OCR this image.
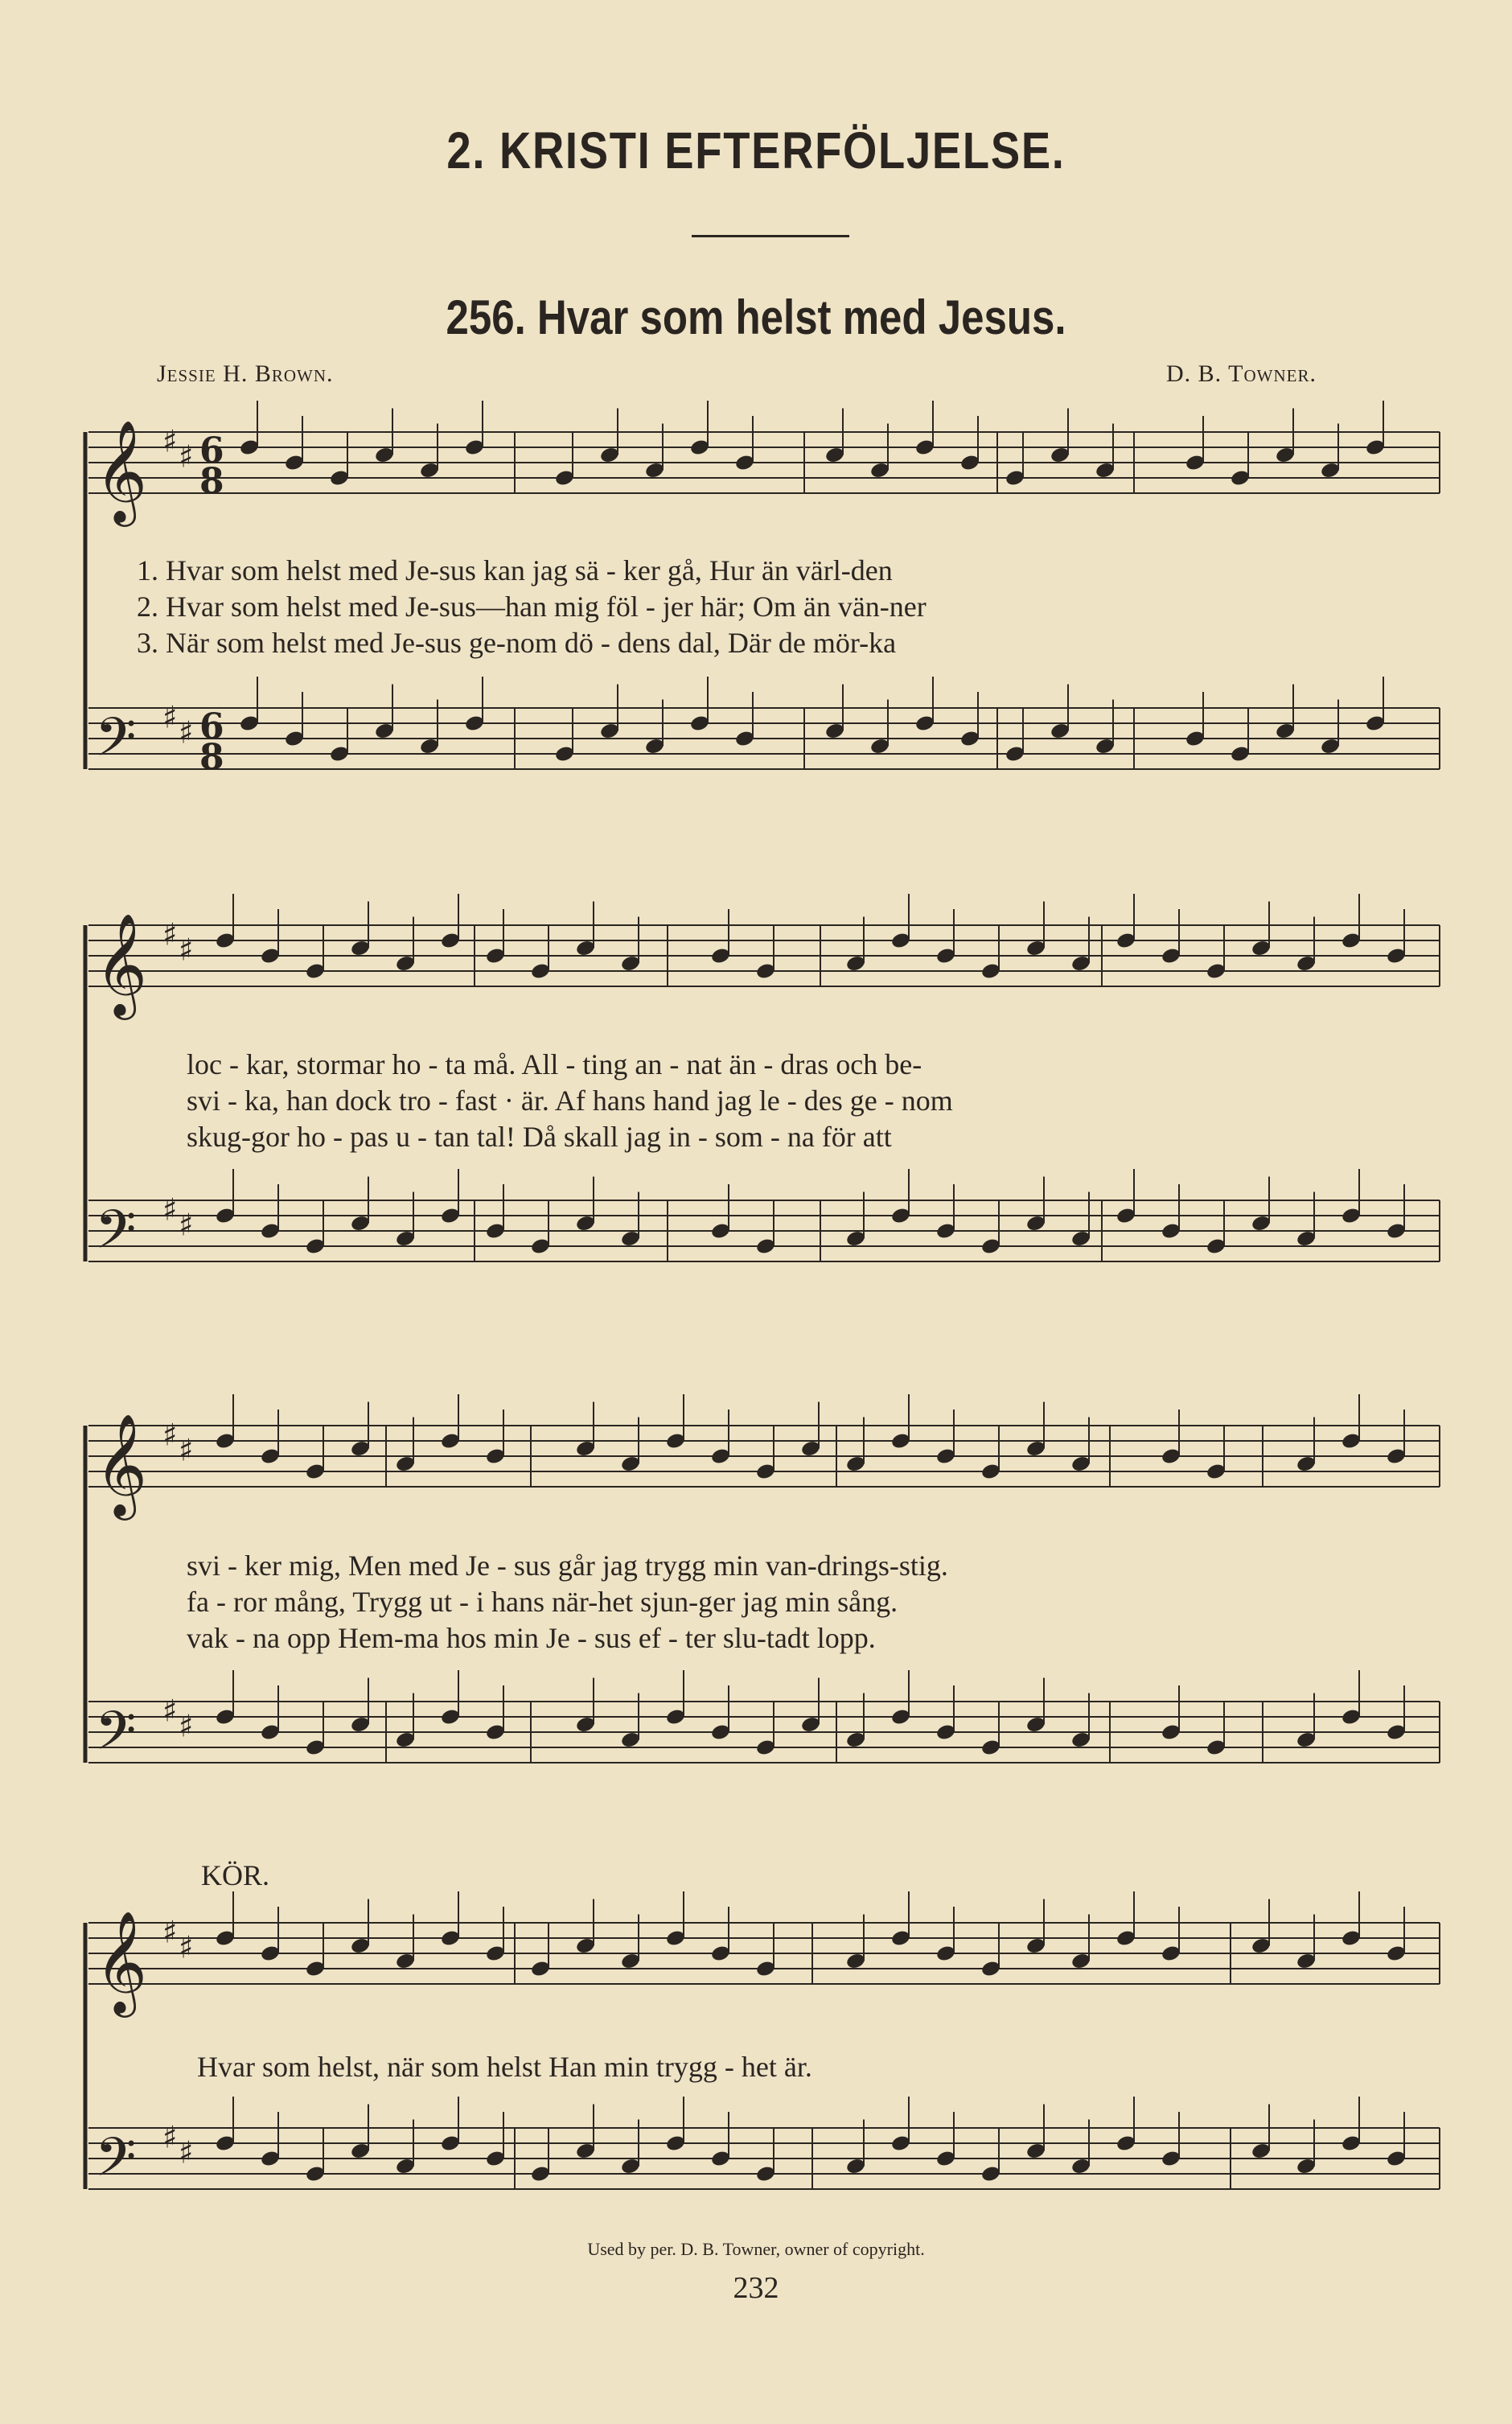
2. KRISTI EFTERFÖLJELSE.
256. Hvar som helst med Jesus.
Jessie H. Brown.	D. B. Towner.
𝄞 ♯ ♯ 6
8
𝄢 ♯ ♯ 6
8
𝄞 ♯ ♯
𝄢 ♯ ♯
𝄞 ♯ ♯
𝄢 ♯ ♯
𝄞 ♯ ♯
𝄢 ♯ ♯
1. Hvar som helst med Je-sus kan jag sä - ker gå, Hur än värl-den
2. Hvar som helst med Je-sus—han mig föl - jer här; Om än vän-ner
3. När som helst med Je-sus ge-nom dö - dens dal, Där de mör-ka
loc - kar, stormar ho - ta må. All - ting an - nat än - dras och be-
svi - ka, han dock tro - fast · är. Af hans hand jag le - des ge - nom
skug-gor ho - pas u - tan tal! Då skall jag in - som - na för att
svi - ker mig, Men med Je - sus går jag trygg min van-drings-stig.
fa - ror mång, Trygg ut - i hans när-het sjun-ger jag min sång.
vak - na opp Hem-ma hos min Je - sus ef - ter slu-tadt lopp.
KÖR.
Hvar som helst, när som helst Han min trygg - het är.
Used by per. D. B. Towner, owner of copyright.
232
